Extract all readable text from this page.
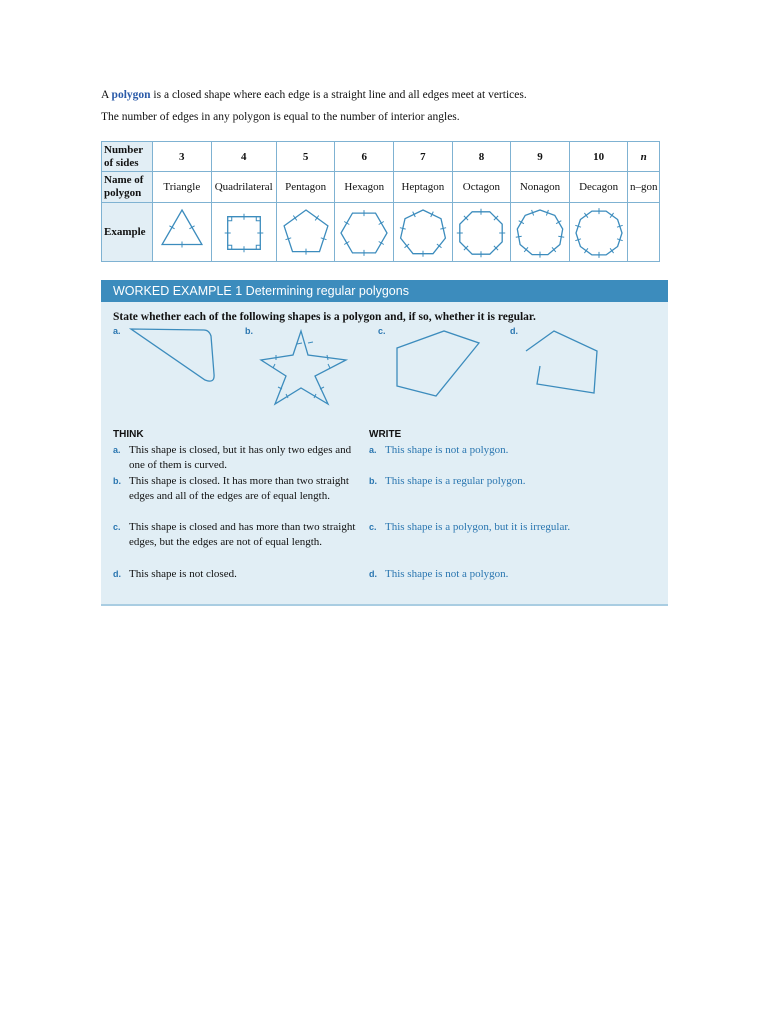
A polygon is a closed shape where each edge is a straight line and all edges meet at vertices.

The number of edges in any polygon is equal to the number of interior angles.

Number of sides	3	4	5	6	7	8	9	10	n
Name of polygon	Triangle	Quadrilateral	Pentagon	Hexagon	Heptagon	Octagon	Nonagon	Decagon	n–gon
Example	

WORKED EXAMPLE 1 Determining regular polygons
State whether each of the following shapes is a polygon and, if so, whether it is regular.
a.	b.	c.	d.
THINK	WRITE
a. This shape is closed, but it has only two edges and one of them is curved.
b. This shape is closed. It has more than two straight edges and all of the edges are of equal length.
c. This shape is closed and has more than two straight edges, but the edges are not of equal length.
d. This shape is not closed.
a. This shape is not a polygon.
b. This shape is a regular polygon.
c. This shape is a polygon, but it is irregular.
d. This shape is not a polygon.
